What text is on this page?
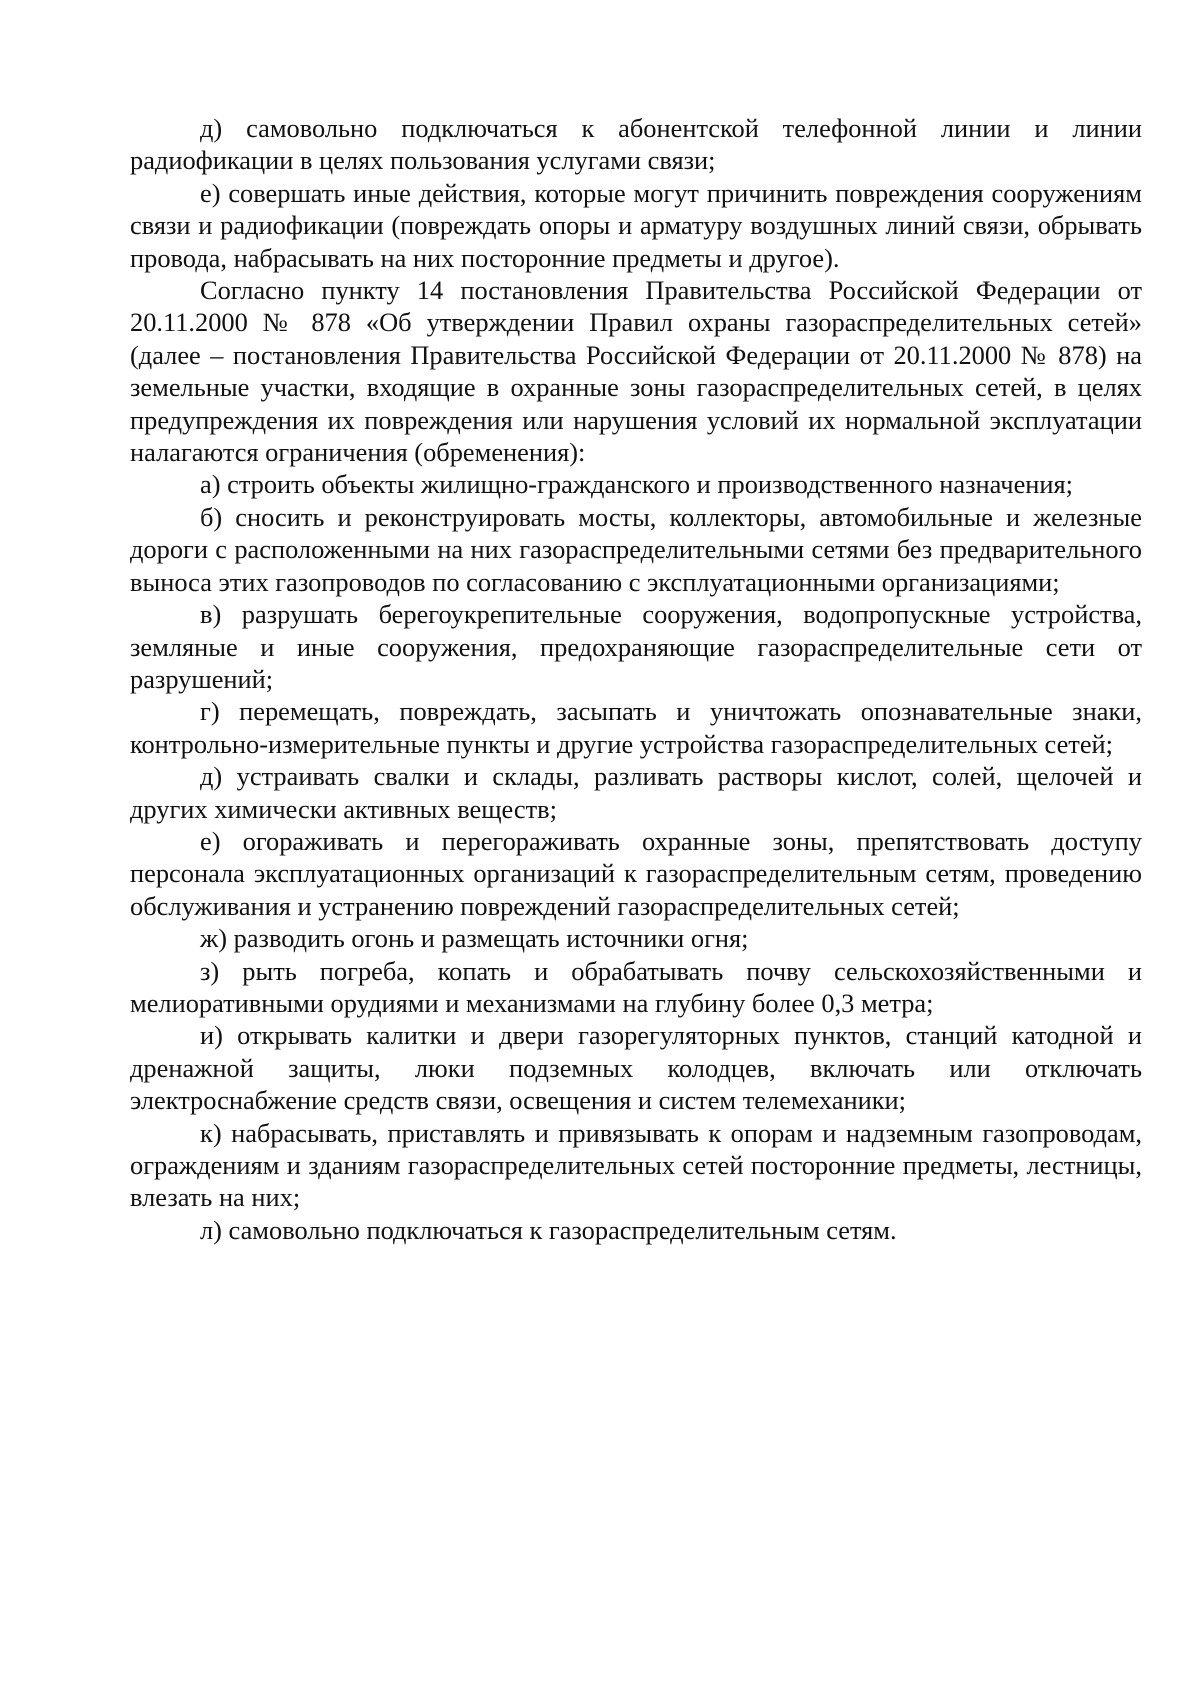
д) самовольно подключаться к абонентской телефонной линии и линии радиофикации в целях пользования услугами связи;

е) совершать иные действия, которые могут причинить повреждения сооружениям связи и радиофикации (повреждать опоры и арматуру воздушных линий связи, обрывать провода, набрасывать на них посторонние предметы и другое).

Согласно пункту 14 постановления Правительства Российской Федерации от 20.11.2000 № 878 «Об утверждении Правил охраны газораспределительных сетей» (далее – постановления Правительства Российской Федерации от 20.11.2000 № 878) на земельные участки, входящие в охранные зоны газораспределительных сетей, в целях предупреждения их повреждения или нарушения условий их нормальной эксплуатации налагаются ограничения (обременения):

а) строить объекты жилищно-гражданского и производственного назначения;

б) сносить и реконструировать мосты, коллекторы, автомобильные и железные дороги с расположенными на них газораспределительными сетями без предварительного выноса этих газопроводов по согласованию с эксплуатационными организациями;

в) разрушать берегоукрепительные сооружения, водопропускные устройства, земляные и иные сооружения, предохраняющие газораспределительные сети от разрушений;

г) перемещать, повреждать, засыпать и уничтожать опознавательные знаки, контрольно-измерительные пункты и другие устройства газораспределительных сетей;

д) устраивать свалки и склады, разливать растворы кислот, солей, щелочей и других химически активных веществ;

е) огораживать и перегораживать охранные зоны, препятствовать доступу персонала эксплуатационных организаций к газораспределительным сетям, проведению обслуживания и устранению повреждений газораспределительных сетей;

ж) разводить огонь и размещать источники огня;

з) рыть погреба, копать и обрабатывать почву сельскохозяйственными и мелиоративными орудиями и механизмами на глубину более 0,3 метра;

и) открывать калитки и двери газорегуляторных пунктов, станций катодной и дренажной защиты, люки подземных колодцев, включать или отключать электроснабжение средств связи, освещения и систем телемеханики;

к) набрасывать, приставлять и привязывать к опорам и надземным газопроводам, ограждениям и зданиям газораспределительных сетей посторонние предметы, лестницы, влезать на них;

л) самовольно подключаться к газораспределительным сетям.
